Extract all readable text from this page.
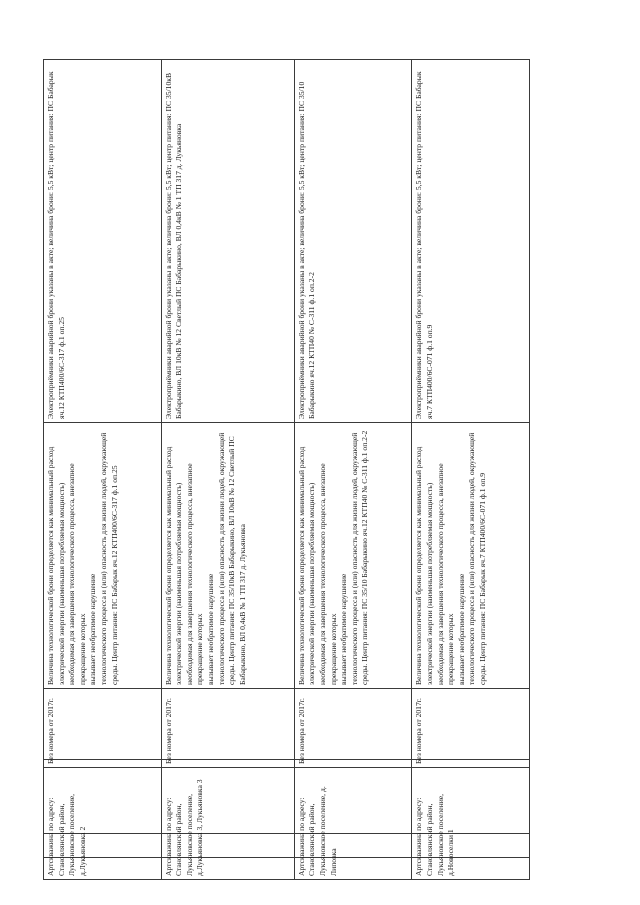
Артскважина по адресу: Становлянский район, Лукьяновское поселение, д.Лукьяновка 2	Без номера от 2017г.	Величина технологической брони определяется как минимальный расход электрической энергии (наименьшая потребляемая мощность)
необходимая для завершения технологического процесса, внезапное прекращение которых
вызывает необратимое нарушение
технологического процесса и (или) опасность для жизни людей, окружающей среды. Центр питания: ПС Бабарык яч.12 КТП400/6С-317 ф.1 оп.25	Электроприёмники аварийной брони указаны в акте; величина брони: 5,5 кВт; центр питания: ПС Бабарык яч.12 КТП400/6С-317 ф.1 оп.25

Артскважина по адресу: Становлянский район, Лукьяновское поселение, д.Лукьяновка 3, Лукьяновка 3	Без номера от 2017г.	Величина технологической брони определяется как минимальный расход электрической энергии (наименьшая потребляемая мощность)
необходимая для завершения технологического процесса, внезапное прекращение которых
вызывает необратимое нарушение
технологического процесса и (или) опасность для жизни людей, окружающей среды. Центр питания: ПС 35/10кВ Бабарыкино, ВЛ 10кВ № 12 Светлый ПС Бабарыкино, ВЛ 0,4кВ № 1 ТП 317 д. Лукьяновка	Электроприёмники аварийной брони указаны в акте; величина брони: 5,5 кВт; центр питания: ПС 35/10кВ Бабарыкино, ВЛ 10кВ № 12 Светлый ПС Бабарыкино, ВЛ 0,4кВ № 1 ТП 317 д. Лукьяновка

Артскважина по адресу: Становлянский район, Лукьяновское поселение, д. Липовка	Без номера от 2017г.	Величина технологической брони определяется как минимальный расход электрической энергии (наименьшая потребляемая мощность)
необходимая для завершения технологического процесса, внезапное прекращение которых
вызывает необратимое нарушение
технологического процесса и (или) опасность для жизни людей, окружающей среды. Центр питания: ПС 35/10 Бабарыкино яч.12 КТП40 № С-311 ф.1 оп.2-2	Электроприёмники аварийной брони указаны в акте; величина брони: 5,5 кВт; центр питания: ПС 35/10 Бабарыкино яч.12 КТП40 № С-311 ф.1 оп.2-2

Артскважина по адресу: Становлянский район, Лукьяновское поселение, д.Новоселки 1	Без номера от 2017г.	Величина технологической брони определяется как минимальный расход электрической энергии (наименьшая потребляемая мощность)
необходимая для завершения технологического процесса, внезапное прекращение которых
вызывает необратимое нарушение
технологического процесса и (или) опасность для жизни людей, окружающей среды. Центр питания: ПС Бабарык яч.7 КТП400/6С-071 ф.1 оп.9	Электроприёмники аварийной брони указаны в акте; величина брони: 5,5 кВт; центр питания: ПС Бабарык яч.7 КТП400/6С-071 ф.1 оп.9
